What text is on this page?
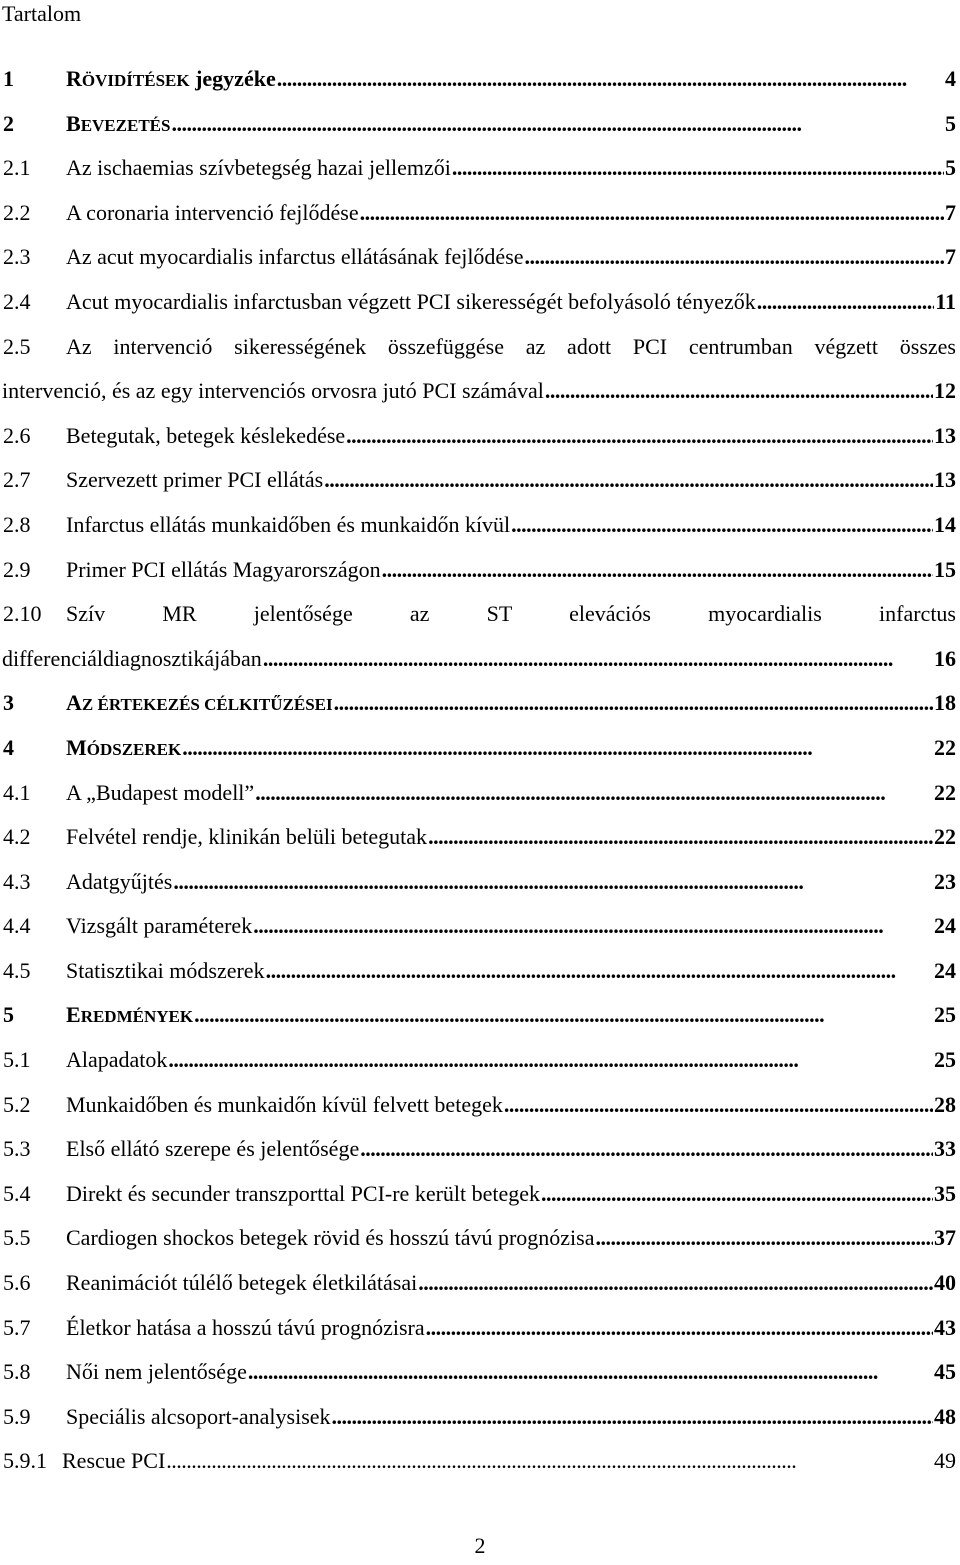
Tartalom
1 RÖVIDÍTÉSEK jegyzéke . . .	4
2 BEVEZETÉS . . .	5
2.1 Az ischaemias szívbetegség hazai jellemzői . . .	5
2.2 A coronaria intervenció fejlődése . . .	7
2.3 Az acut myocardialis infarctus ellátásának fejlődése . . .	7
2.4 Acut myocardialis infarctusban végzett PCI sikerességét befolyásoló tényezők . . .	11
2.5 Az intervenció sikerességének összefüggése az adott PCI centrumban végzett összes
intervenció, és az egy intervenciós orvosra jutó PCI számával . . .	12
2.6 Betegutak, betegek késlekedése . . .	13
2.7 Szervezett primer PCI ellátás . . .	13
2.8 Infarctus ellátás munkaidőben és munkaidőn kívül . . .	14
2.9 Primer PCI ellátás Magyarországon . . .	15
2.10 Szív MR jelentősége az ST elevációs myocardialis infarctus
differenciáldiagnosztikájában . . .	16
3 AZ ÉRTEKEZÉS CÉLKITŰZÉSEI . . .	18
4 MÓDSZEREK . . .	22
4.1 A „Budapest modell” . . .	22
4.2 Felvétel rendje, klinikán belüli betegutak . . .	22
4.3 Adatgyűjtés . . .	23
4.4 Vizsgált paraméterek . . .	24
4.5 Statisztikai módszerek . . .	24
5 EREDMÉNYEK . . .	25
5.1 Alapadatok . . .	25
5.2 Munkaidőben és munkaidőn kívül felvett betegek . . .	28
5.3 Első ellátó szerepe és jelentősége . . .	33
5.4 Direkt és secunder transzporttal PCI-re került betegek . . .	35
5.5 Cardiogen shockos betegek rövid és hosszú távú prognózisa . . .	37
5.6 Reanimációt túlélő betegek életkilátásai . . .	40
5.7 Életkor hatása a hosszú távú prognózisra . . .	43
5.8 Női nem jelentősége . . .	45
5.9 Speciális alcsoport-analysisek . . .	48
5.9.1 Rescue PCI . . .	49
2
